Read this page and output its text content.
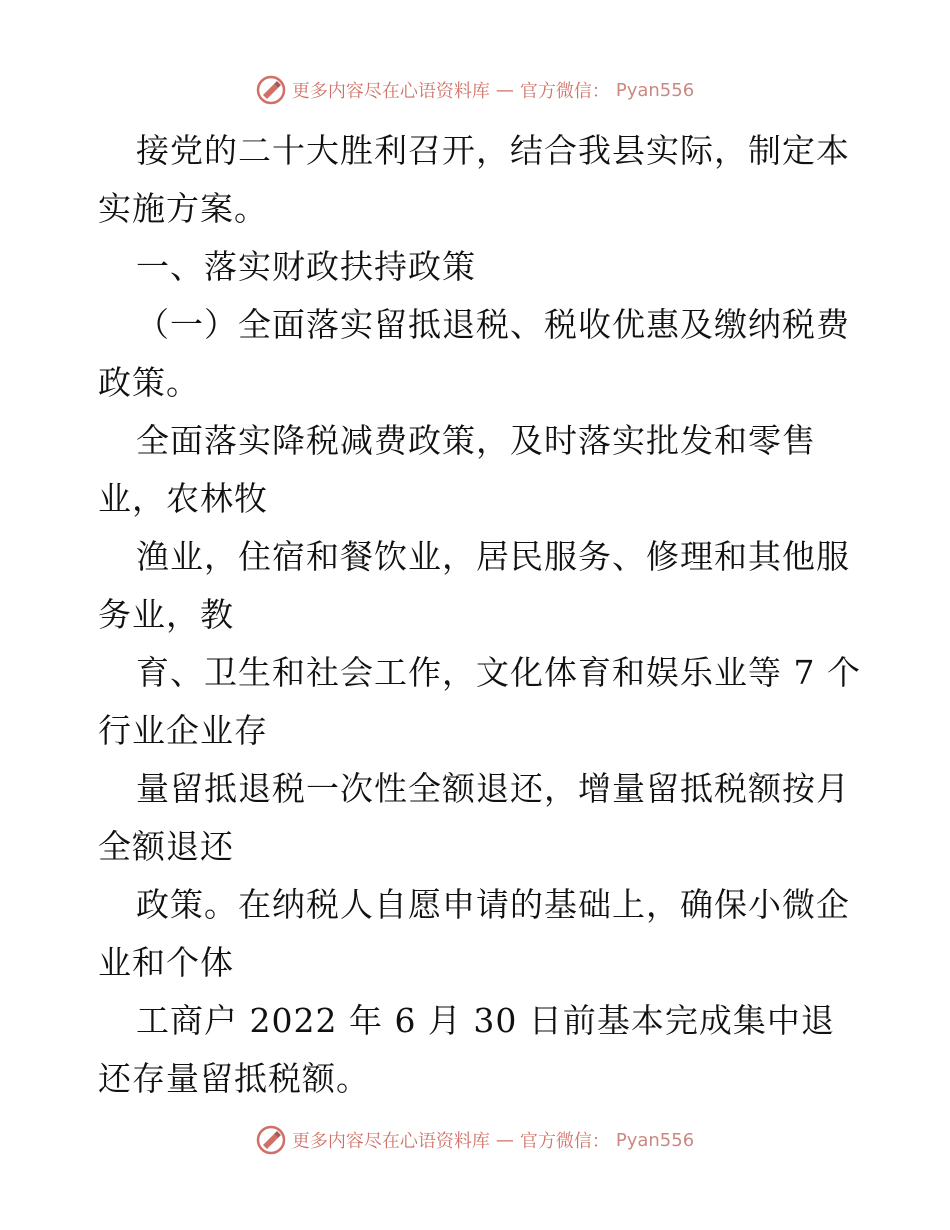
更多内容尽在心语资料库 — 官方微信： Pyan556

接党的二十大胜利召开，结合我县实际，制定本实施方案。

一、落实财政扶持政策

（一）全面落实留抵退税、税收优惠及缴纳税费政策。

全面落实降税减费政策，及时落实批发和零售业，农林牧

渔业，住宿和餐饮业，居民服务、修理和其他服务业，教

育、卫生和社会工作，文化体育和娱乐业等 7 个行业企业存

量留抵退税一次性全额退还，增量留抵税额按月全额退还

政策。在纳税人自愿申请的基础上，确保小微企业和个体

工商户 2022 年 6 月 30 日前基本完成集中退还存量留抵税额。

更多内容尽在心语资料库 — 官方微信： Pyan556
